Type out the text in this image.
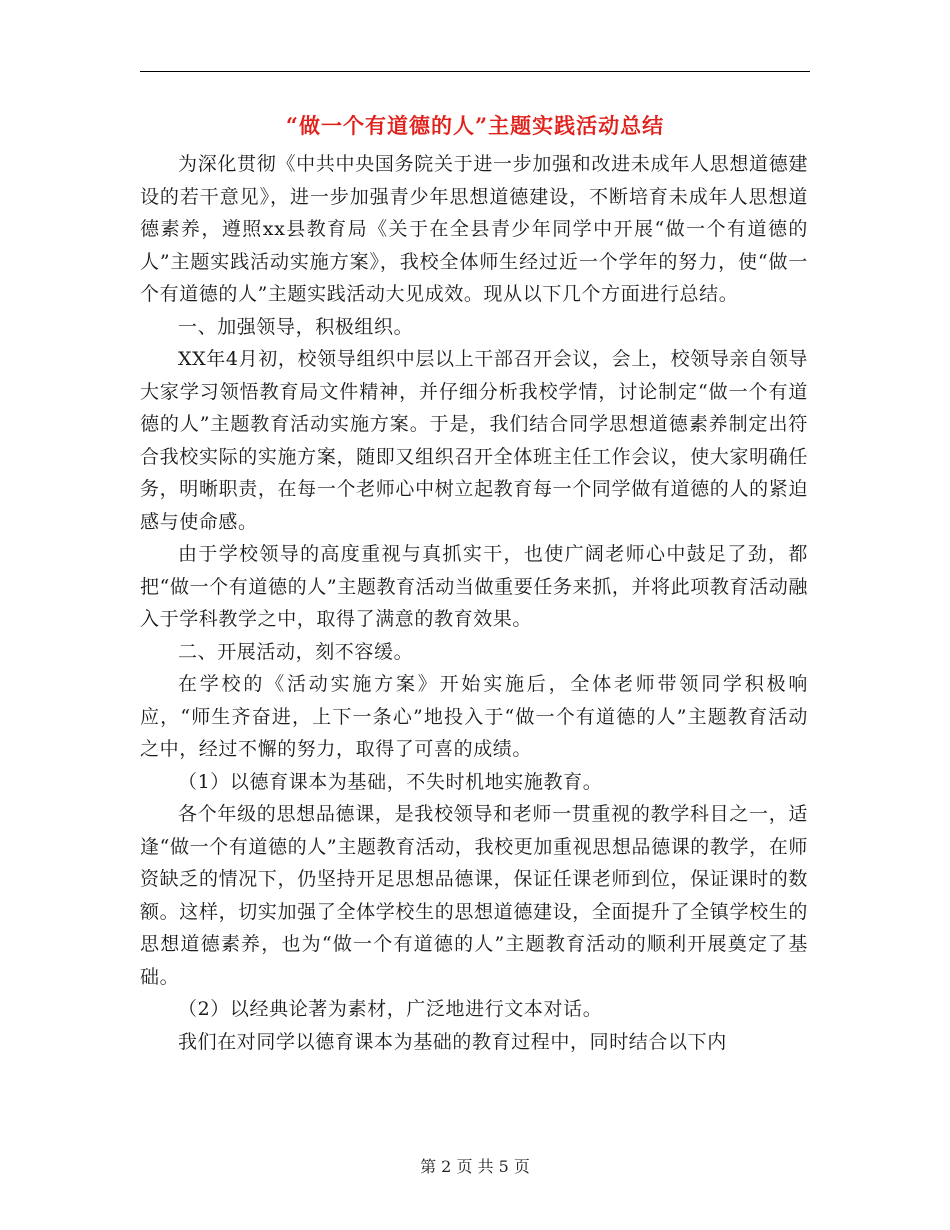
“做一个有道德的人”主题实践活动总结

为深化贯彻《中共中央国务院关于进一步加强和改进未成年人思想道德建设的若干意见》，进一步加强青少年思想道德建设，不断培育未成年人思想道德素养，遵照xx县教育局《关于在全县青少年同学中开展“做一个有道德的人”主题实践活动实施方案》，我校全体师生经过近一个学年的努力，使“做一个有道德的人”主题实践活动大见成效。现从以下几个方面进行总结。

一、加强领导，积极组织。

XX年4月初，校领导组织中层以上干部召开会议，会上，校领导亲自领导大家学习领悟教育局文件精神，并仔细分析我校学情，讨论制定“做一个有道德的人”主题教育活动实施方案。于是，我们结合同学思想道德素养制定出符合我校实际的实施方案，随即又组织召开全体班主任工作会议，使大家明确任务，明晰职责，在每一个老师心中树立起教育每一个同学做有道德的人的紧迫感与使命感。

由于学校领导的高度重视与真抓实干，也使广阔老师心中鼓足了劲，都把“做一个有道德的人”主题教育活动当做重要任务来抓，并将此项教育活动融入于学科教学之中，取得了满意的教育效果。

二、开展活动，刻不容缓。

在学校的《活动实施方案》开始实施后，全体老师带领同学积极响应，“师生齐奋进，上下一条心”地投入于“做一个有道德的人”主题教育活动之中，经过不懈的努力，取得了可喜的成绩。

（1）以德育课本为基础，不失时机地实施教育。

各个年级的思想品德课，是我校领导和老师一贯重视的教学科目之一，适逢“做一个有道德的人”主题教育活动，我校更加重视思想品德课的教学，在师资缺乏的情况下，仍坚持开足思想品德课，保证任课老师到位，保证课时的数额。这样，切实加强了全体学校生的思想道德建设，全面提升了全镇学校生的思想道德素养，也为“做一个有道德的人”主题教育活动的顺利开展奠定了基础。

（2）以经典论著为素材，广泛地进行文本对话。

我们在对同学以德育课本为基础的教育过程中，同时结合以下内

第 2 页 共 5 页
